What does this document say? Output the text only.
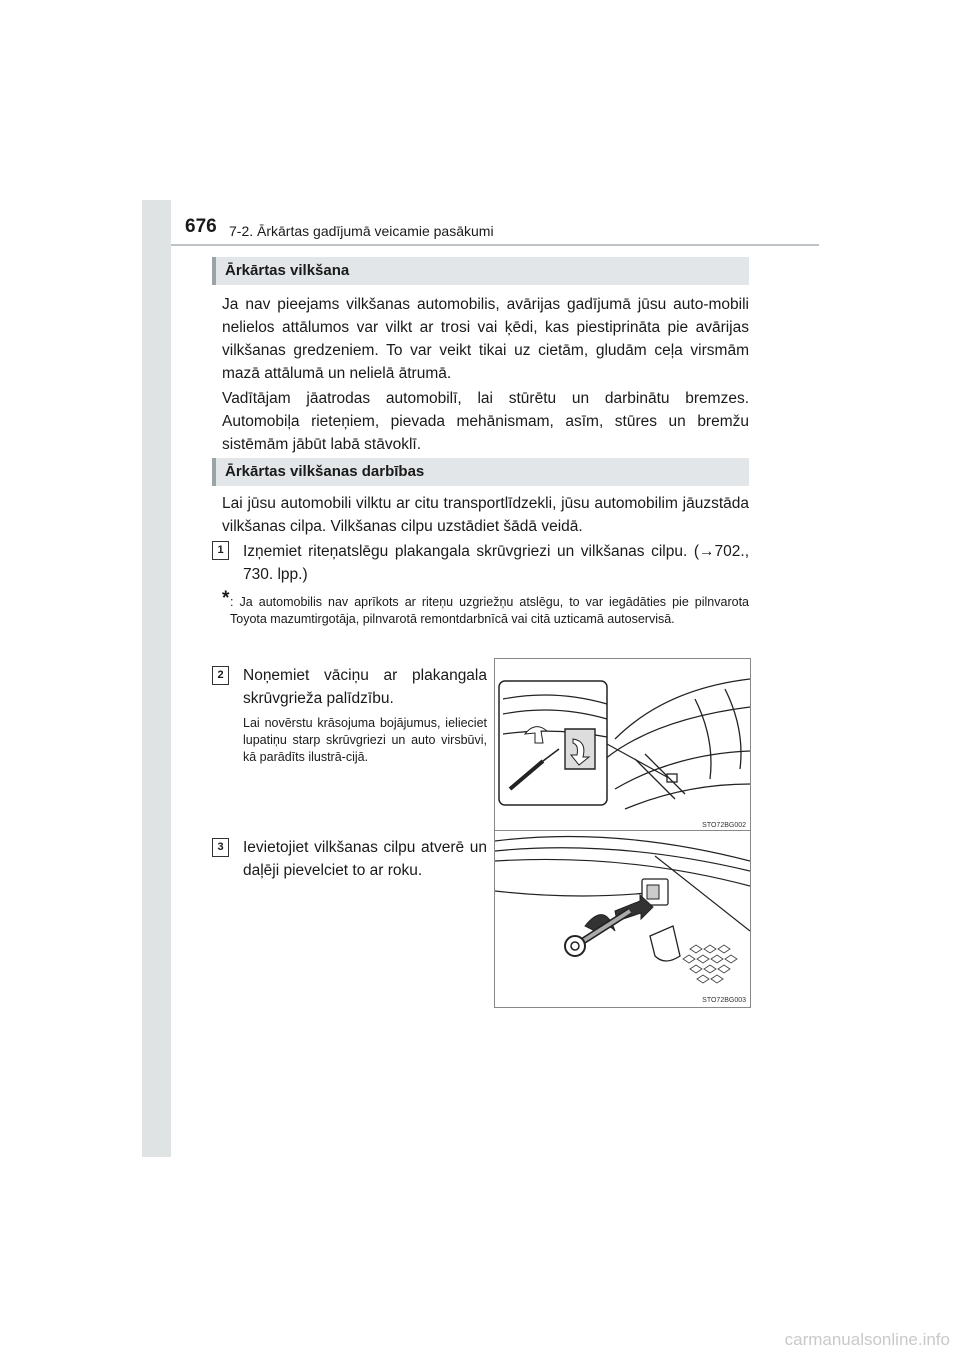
676 7-2. Ārkārtas gadījumā veicamie pasākumi
Ārkārtas vilkšana

Ja nav pieejams vilkšanas automobilis, avārijas gadījumā jūsu auto-mobili nelielos attālumos var vilkt ar trosi vai ķēdi, kas piestiprināta pie avārijas vilkšanas gredzeniem. To var veikt tikai uz cietām, gludām ceļa virsmām mazā attālumā un nelielā ātrumā.

Vadītājam jāatrodas automobilī, lai stūrētu un darbinātu bremzes. Automobiļa rieteņiem, pievada mehānismam, asīm, stūres un bremžu sistēmām jābūt labā stāvoklī.

Ārkārtas vilkšanas darbības

Lai jūsu automobili vilktu ar citu transportlīdzekli, jūsu automobilim jāuzstāda vilkšanas cilpa. Vilkšanas cilpu uzstādiet šādā veidā.

1	Izņemiet riteņatslēgu plakangala skrūvgriezi un vilkšanas cilpu. (→702., 730. lpp.)

* : Ja automobilis nav aprīkots ar riteņu uzgriežņu atslēgu, to var iegādāties pie pilnvarota Toyota mazumtirgotāja, pilnvarotā remontdarbnīcā vai citā uzticamā autoservisā.

2	Noņemiet vāciņu ar plakangala skrūvgrieža palīdzību.

Lai novērstu krāsojuma bojājumus, ielieciet lupatiņu starp skrūvgriezi un auto virsbūvi, kā parādīts ilustrā-cijā.

3	Ievietojiet vilkšanas cilpu atverē un daļēji pievelciet to ar roku.

STO72BG002
STO72BG003
carmanualsonline.info
